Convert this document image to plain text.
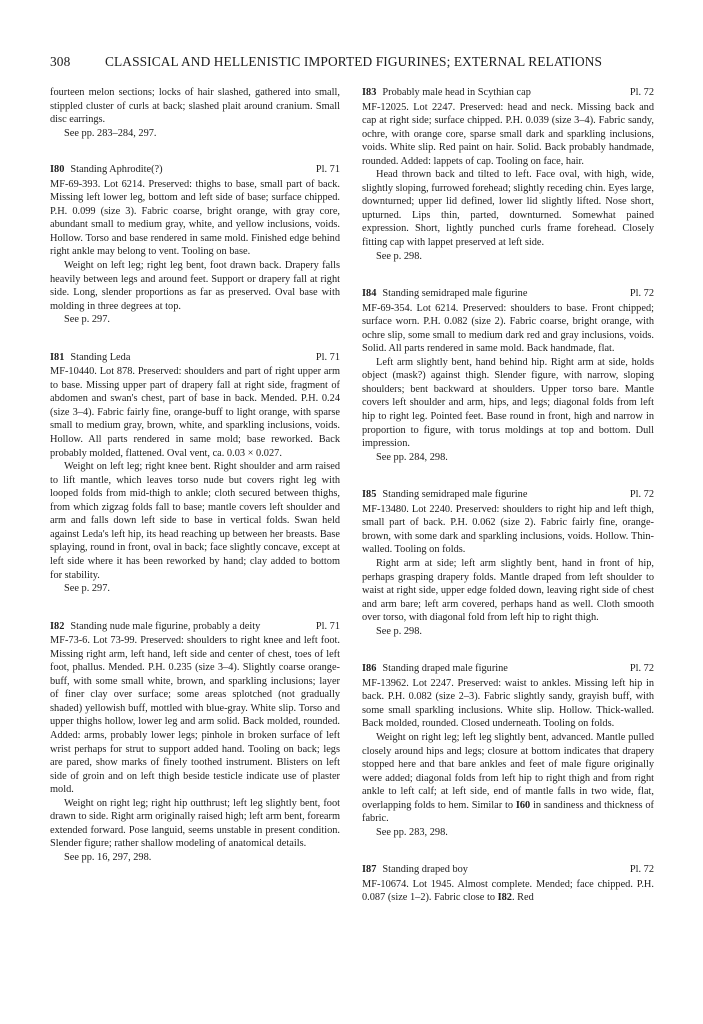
308	CLASSICAL AND HELLENISTIC IMPORTED FIGURINES; EXTERNAL RELATIONS

fourteen melon sections; locks of hair slashed, gathered into small, stippled cluster of curls at back; slashed plait around cranium. Small disc earrings.

See pp. 283–284, 297.

I80 Standing Aphrodite(?)	Pl. 71

MF-69-393. Lot 6214. Preserved: thighs to base, small part of back. Missing left lower leg, bottom and left side of base; surface chipped. P.H. 0.099 (size 3). Fabric coarse, bright orange, with gray core, abundant small to medium gray, white, and yellow inclusions, voids. Hollow. Torso and base rendered in same mold. Finished edge behind right ankle may belong to vent. Tooling on base.

Weight on left leg; right leg bent, foot drawn back. Drapery falls heavily between legs and around feet. Support or drapery fall at right side. Long, slender proportions as far as preserved. Oval base with molding in three degrees at top.

See p. 297.

I81 Standing Leda	Pl. 71

MF-10440. Lot 878. Preserved: shoulders and part of right upper arm to base. Missing upper part of drapery fall at right side, fragment of abdomen and swan's chest, part of base in back. Mended. P.H. 0.24 (size 3–4). Fabric fairly fine, orange-buff to light orange, with sparse small to medium gray, brown, white, and sparkling inclusions, voids. Hollow. All parts rendered in same mold; base reworked. Back probably molded, flattened. Oval vent, ca. 0.03 × 0.027.

Weight on left leg; right knee bent. Right shoulder and arm raised to lift mantle, which leaves torso nude but covers right leg with looped folds from mid-thigh to ankle; cloth secured between thighs, from which zigzag folds fall to base; mantle covers left shoulder and arm and falls down left side to base in vertical folds. Swan held against Leda's left hip, its head reaching up between her breasts. Base splaying, round in front, oval in back; face slightly concave, except at left side where it has been reworked by hand; clay added to bottom for stability.

See p. 297.

I82 Standing nude male figurine, probably a deity	Pl. 71

MF-73-6. Lot 73-99. Preserved: shoulders to right knee and left foot. Missing right arm, left hand, left side and center of chest, toes of left foot, phallus. Mended. P.H. 0.235 (size 3–4). Slightly coarse orange-buff, with some small white, brown, and sparkling inclusions; layer of finer clay over surface; some areas splotched (not gradually shaded) yellowish buff, mottled with blue-gray. White slip. Torso and upper thighs hollow, lower leg and arm solid. Back molded, rounded. Added: arms, probably lower legs; pinhole in broken surface of left wrist perhaps for strut to support added hand. Tooling on back; legs are pared, show marks of finely toothed instrument. Blisters on left side of groin and on left thigh beside testicle indicate use of plaster mold.

Weight on right leg; right hip outthrust; left leg slightly bent, foot drawn to side. Right arm originally raised high; left arm bent, forearm extended forward. Pose languid, seems unstable in present condition. Slender figure; rather shallow modeling of anatomical details.

See pp. 16, 297, 298.

I83 Probably male head in Scythian cap	Pl. 72

MF-12025. Lot 2247. Preserved: head and neck. Missing back and cap at right side; surface chipped. P.H. 0.039 (size 3–4). Fabric sandy, ochre, with orange core, sparse small dark and sparkling inclusions, voids. White slip. Red paint on hair. Solid. Back probably handmade, rounded. Added: lappets of cap. Tooling on face, hair.

Head thrown back and tilted to left. Face oval, with high, wide, slightly sloping, furrowed forehead; slightly receding chin. Eyes large, downturned; upper lid defined, lower lid slightly lifted. Nose short, upturned. Lips thin, parted, downturned. Somewhat pained expression. Short, lightly punched curls frame forehead. Closely fitting cap with lappet preserved at left side.

See p. 298.

I84 Standing semidraped male figurine	Pl. 72

MF-69-354. Lot 6214. Preserved: shoulders to base. Front chipped; surface worn. P.H. 0.082 (size 2). Fabric coarse, bright orange, with ochre slip, some small to medium dark red and gray inclusions, voids. Solid. All parts rendered in same mold. Back handmade, flat.

Left arm slightly bent, hand behind hip. Right arm at side, holds object (mask?) against thigh. Slender figure, with narrow, sloping shoulders; bent backward at shoulders. Upper torso bare. Mantle covers left shoulder and arm, hips, and legs; diagonal folds from left hip to right leg. Pointed feet. Base round in front, high and narrow in proportion to figure, with torus moldings at top and bottom. Dull impression.

See pp. 284, 298.

I85 Standing semidraped male figurine	Pl. 72

MF-13480. Lot 2240. Preserved: shoulders to right hip and left thigh, small part of back. P.H. 0.062 (size 2). Fabric fairly fine, orange-brown, with some dark and sparkling inclusions, voids. Hollow. Thin-walled. Tooling on folds.

Right arm at side; left arm slightly bent, hand in front of hip, perhaps grasping drapery folds. Mantle draped from left shoulder to waist at right side, upper edge folded down, leaving right side of chest and arm bare; left arm covered, perhaps hand as well. Cloth smooth over torso, with diagonal fold from left hip to right thigh.

See p. 298.

I86 Standing draped male figurine	Pl. 72

MF-13962. Lot 2247. Preserved: waist to ankles. Missing left hip in back. P.H. 0.082 (size 2–3). Fabric slightly sandy, grayish buff, with some small sparkling inclusions. White slip. Hollow. Thick-walled. Back molded, rounded. Closed underneath. Tooling on folds.

Weight on right leg; left leg slightly bent, advanced. Mantle pulled closely around hips and legs; closure at bottom indicates that drapery stopped here and that bare ankles and feet of male figure originally were added; diagonal folds from left hip to right thigh and from right ankle to left calf; at left side, end of mantle falls in two wide, flat, overlapping folds to hem. Similar to I60 in sandiness and thickness of fabric.

See pp. 283, 298.

I87 Standing draped boy	Pl. 72

MF-10674. Lot 1945. Almost complete. Mended; face chipped. P.H. 0.087 (size 1–2). Fabric close to I82. Red
